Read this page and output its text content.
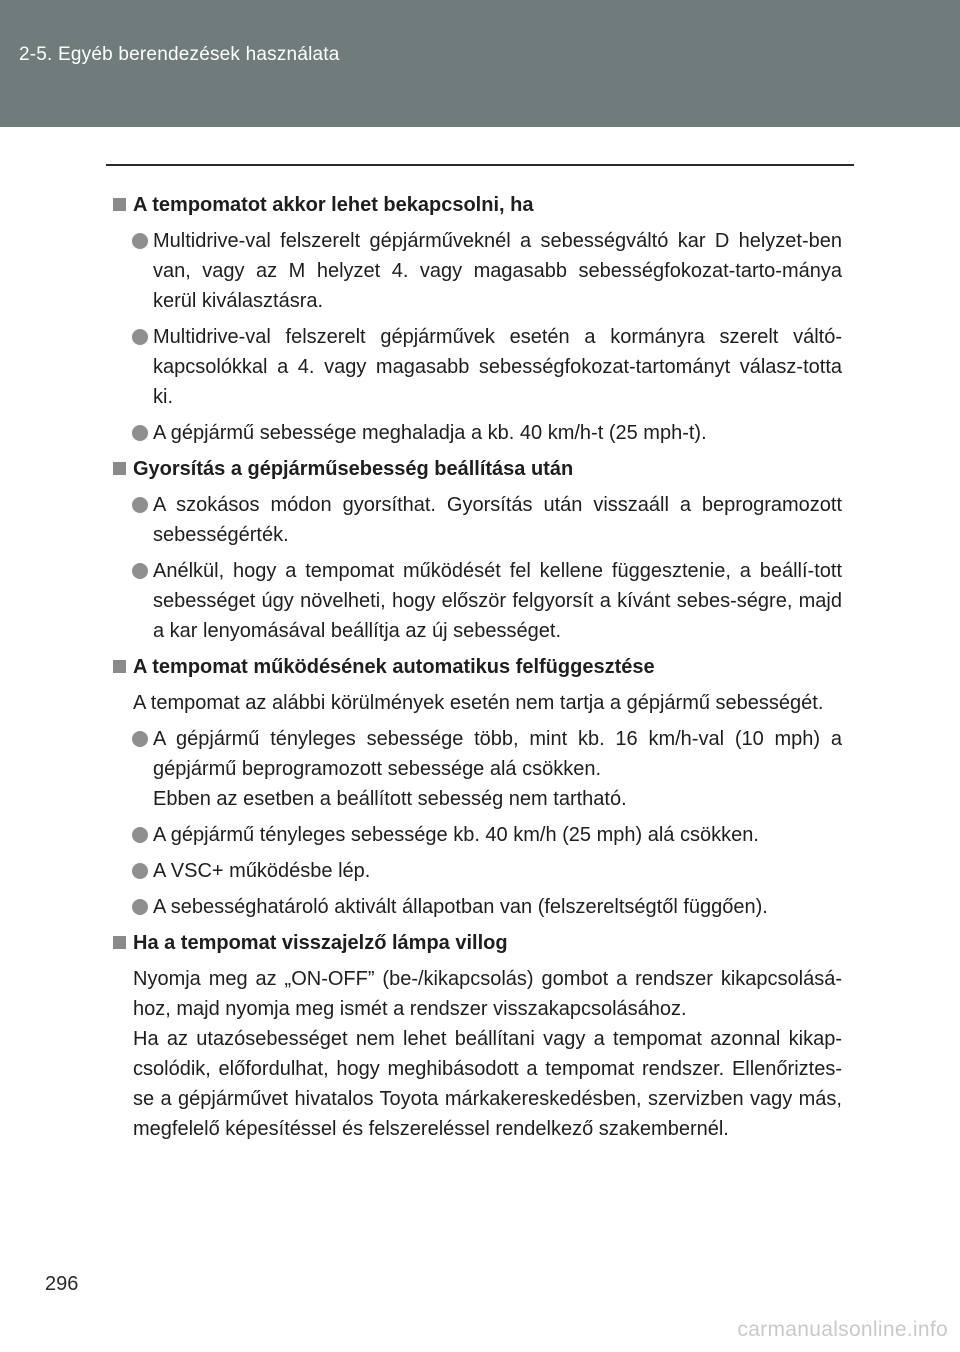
2-5. Egyéb berendezések használata
A tempomatot akkor lehet bekapcsolni, ha
Multidrive-val felszerelt gépjárműveknél a sebességváltó kar D helyzet-ben van, vagy az M helyzet 4. vagy magasabb sebességfokozat-tarto-mánya kerül kiválasztásra.
Multidrive-val felszerelt gépjárművek esetén a kormányra szerelt váltó-kapcsolókkal a 4. vagy magasabb sebességfokozat-tartományt válasz-totta ki.
A gépjármű sebessége meghaladja a kb. 40 km/h-t (25 mph-t).
Gyorsítás a gépjárműsebesség beállítása után
A szokásos módon gyorsíthat. Gyorsítás után visszaáll a beprogramozott sebességérték.
Anélkül, hogy a tempomat működését fel kellene függesztenie, a beállí-tott sebességet úgy növelheti, hogy először felgyorsít a kívánt sebes-ségre, majd a kar lenyomásával beállítja az új sebességet.
A tempomat működésének automatikus felfüggesztése
A tempomat az alábbi körülmények esetén nem tartja a gépjármű sebességét.
A gépjármű tényleges sebessége több, mint kb. 16 km/h-val (10 mph) a gépjármű beprogramozott sebessége alá csökken.
Ebben az esetben a beállított sebesség nem tartható.
A gépjármű tényleges sebessége kb. 40 km/h (25 mph) alá csökken.
A VSC+ működésbe lép.
A sebességhatároló aktivált állapotban van (felszereltségtől függően).
Ha a tempomat visszajelző lámpa villog
Nyomja meg az „ON-OFF” (be-/kikapcsolás) gombot a rendszer kikapcsolásá-hoz, majd nyomja meg ismét a rendszer visszakapcsolásához.
Ha az utazósebességet nem lehet beállítani vagy a tempomat azonnal kikap-csolódik, előfordulhat, hogy meghibásodott a tempomat rendszer. Ellenőriztes-se a gépjárművet hivatalos Toyota márkakereskedésben, szervizben vagy más, megfelelő képesítéssel és felszereléssel rendelkező szakembernél.
296
carmanualsonline.info
